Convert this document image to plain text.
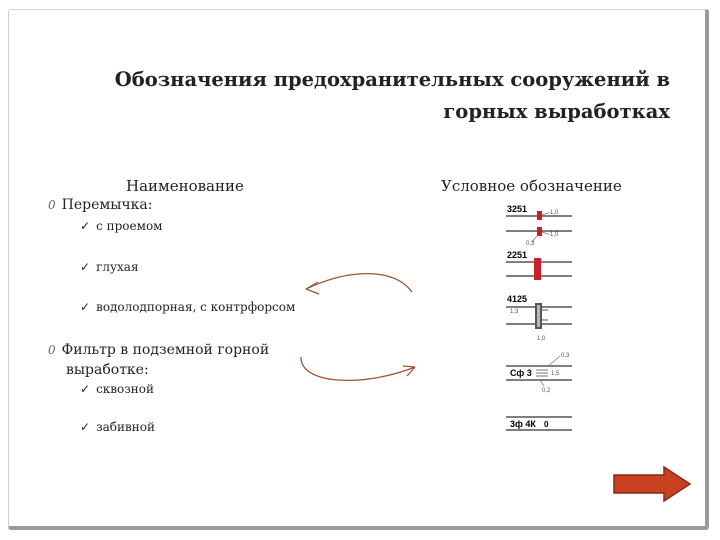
Обозначения предохранительных сооружений в
горных выработках
Наименование	Условное обозначение
0 Перемычка:
✓ с проемом
✓ глухая
✓ водолодпорная, с контрфорсом
0 Фильтр в подземной горной
выработке:
✓ сквозной
✓ забивной
3251	-1,0
-1,0
0,3
2251
4125
1,3
1,0
Сф 3
0,3
1,5
0,2
3ф 4К 0
